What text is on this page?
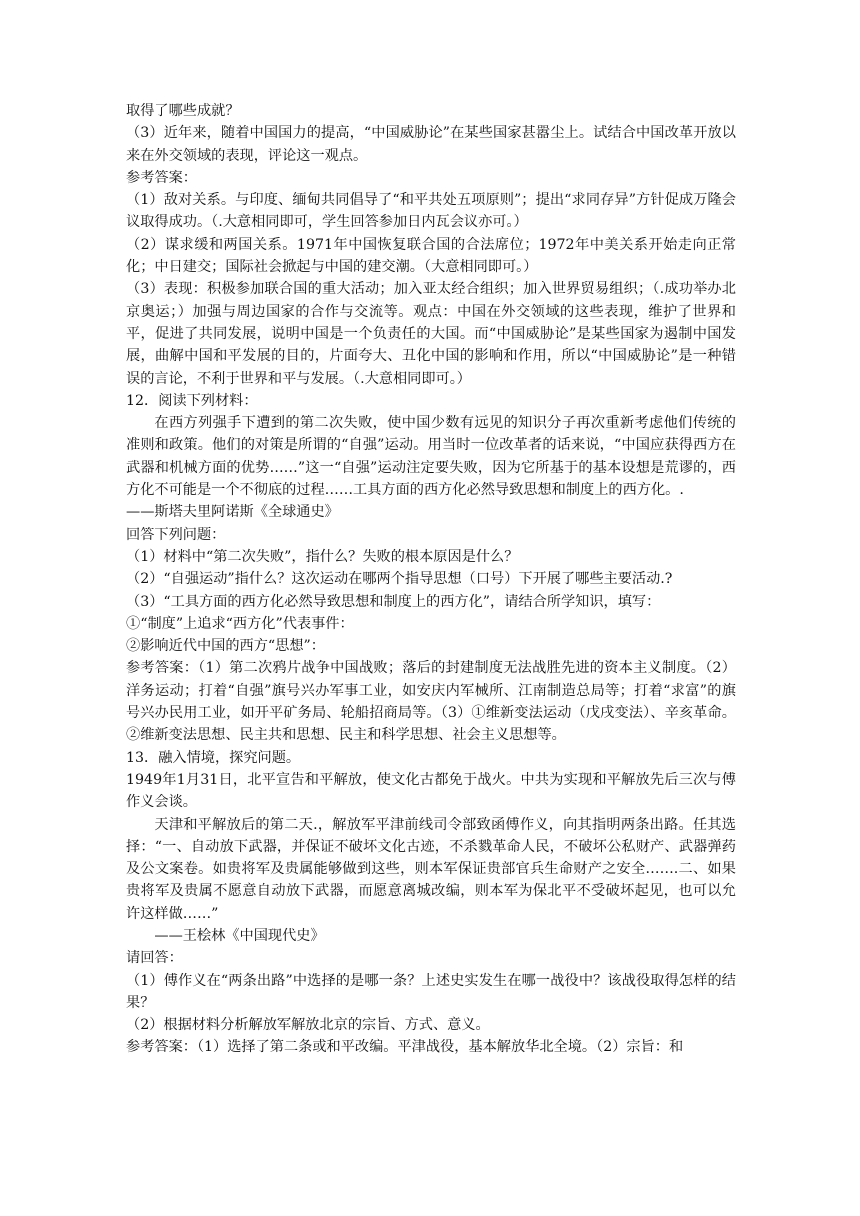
取得了哪些成就？
（3）近年来，随着中国国力的提高，“中国威胁论”在某些国家甚嚣尘上。试结合中国改革开放以来在外交领域的表现，评论这一观点。
参考答案：
（1）敌对关系。与印度、缅甸共同倡导了“和平共处五项原则”；提出“求同存异”方针促成万隆会议取得成功。（.大意相同即可，学生回答参加日内瓦会议亦可。）
（2）谋求缓和两国关系。1971年中国恢复联合国的合法席位；1972年中美关系开始走向正常化；中日建交；国际社会掀起与中国的建交潮。（大意相同即可。）
（3）表现：积极参加联合国的重大活动；加入亚太经合组织；加入世界贸易组织；（.成功举办北京奥运；）加强与周边国家的合作与交流等。观点：中国在外交领域的这些表现，维护了世界和平，促进了共同发展，说明中国是一个负责任的大国。而“中国威胁论”是某些国家为遏制中国发展，曲解中国和平发展的目的，片面夸大、丑化中国的影响和作用，所以“中国威胁论”是一种错误的言论，不利于世界和平与发展。（.大意相同即可。）
12．阅读下列材料：
在西方列强手下遭到的第二次失败，使中国少数有远见的知识分子再次重新考虑他们传统的准则和政策。他们的对策是所谓的“自强”运动。用当时一位改革者的话来说，“中国应获得西方在武器和机械方面的优势……”这一“自强”运动注定要失败，因为它所基于的基本设想是荒谬的，西方化不可能是一个不彻底的过程……工具方面的西方化必然导致思想和制度上的西方化。.
——斯塔夫里阿诺斯《全球通史》
回答下列问题：
（1）材料中“第二次失败”，指什么？失败的根本原因是什么？
（2）“自强运动”指什么？这次运动在哪两个指导思想（口号）下开展了哪些主要活动.?
（3）“工具方面的西方化必然导致思想和制度上的西方化”，请结合所学知识，填写：
①“制度”上追求“西方化”代表事件：
②影响近代中国的西方“思想”：
参考答案：（1）第二次鸦片战争中国战败；落后的封建制度无法战胜先进的资本主义制度。（2）洋务运动；打着“自强”旗号兴办军事工业，如安庆内军械所、江南制造总局等；打着“求富”的旗号兴办民用工业，如开平矿务局、轮船招商局等。（3）①维新变法运动（戊戌变法）、辛亥革命。②维新变法思想、民主共和思想、民主和科学思想、社会主义思想等。
13．融入情境，探究问题。
1949年1月31日，北平宣告和平解放，使文化古都免于战火。中共为实现和平解放先后三次与傅作义会谈。
天津和平解放后的第二天.，解放军平津前线司令部致函傅作义，向其指明两条出路。任其选择：“一、自动放下武器，并保证不破坏文化古迹，不杀戮革命人民，不破坏公私财产、武器弹药及公文案卷。如贵将军及贵属能够做到这些，则本军保证贵部官兵生命财产之安全…….二、如果贵将军及贵属不愿意自动放下武器，而愿意离城改编，则本军为保北平不受破坏起见，也可以允许这样做……”
——王桧林《中国现代史》
请回答：
（1）傅作义在“两条出路”中选择的是哪一条？上述史实发生在哪一战役中？该战役取得怎样的结果？
（2）根据材料分析解放军解放北京的宗旨、方式、意义。
参考答案：（1）选择了第二条或和平改编。平津战役，基本解放华北全境。（2）宗旨：和
